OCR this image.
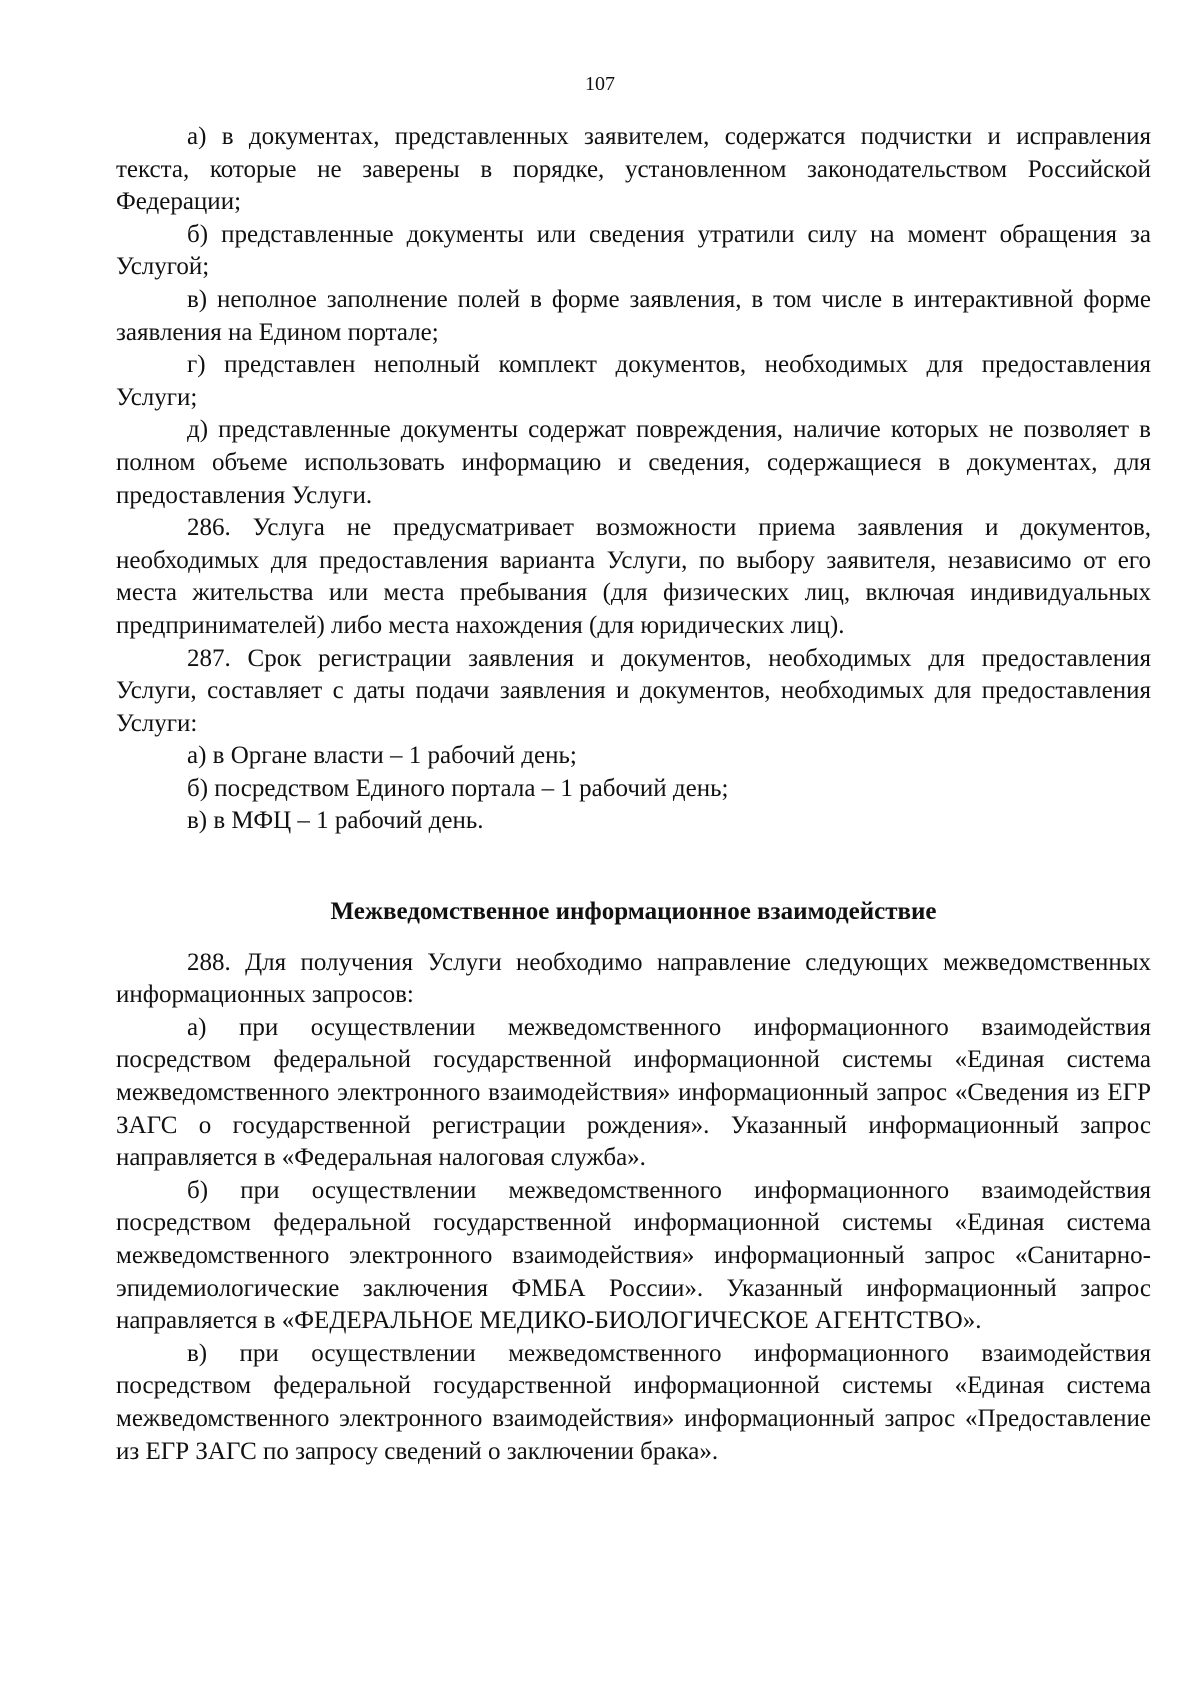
107

а) в документах, представленных заявителем, содержатся подчистки и исправления текста, которые не заверены в порядке, установленном законодательством Российской Федерации;

б) представленные документы или сведения утратили силу на момент обращения за Услугой;

в) неполное заполнение полей в форме заявления, в том числе в интерактивной форме заявления на Едином портале;

г) представлен неполный комплект документов, необходимых для предоставления Услуги;

д) представленные документы содержат повреждения, наличие которых не позволяет в полном объеме использовать информацию и сведения, содержащиеся в документах, для предоставления Услуги.

286. Услуга не предусматривает возможности приема заявления и документов, необходимых для предоставления варианта Услуги, по выбору заявителя, независимо от его места жительства или места пребывания (для физических лиц, включая индивидуальных предпринимателей) либо места нахождения (для юридических лиц).

287. Срок регистрации заявления и документов, необходимых для предоставления Услуги, составляет с даты подачи заявления и документов, необходимых для предоставления Услуги:

а) в Органе власти – 1 рабочий день;

б) посредством Единого портала – 1 рабочий день;

в) в МФЦ – 1 рабочий день.

Межведомственное информационное взаимодействие

288. Для получения Услуги необходимо направление следующих межведомственных информационных запросов:

а) при осуществлении межведомственного информационного взаимодействия посредством федеральной государственной информационной системы «Единая система межведомственного электронного взаимодействия» информационный запрос «Сведения из ЕГР ЗАГС о государственной регистрации рождения». Указанный информационный запрос направляется в «Федеральная налоговая служба».

б) при осуществлении межведомственного информационного взаимодействия посредством федеральной государственной информационной системы «Единая система межведомственного электронного взаимодействия» информационный запрос «Санитарно-эпидемиологические заключения ФМБА России». Указанный информационный запрос направляется в «ФЕДЕРАЛЬНОЕ МЕДИКО-БИОЛОГИЧЕСКОЕ АГЕНТСТВО».

в) при осуществлении межведомственного информационного взаимодействия посредством федеральной государственной информационной системы «Единая система межведомственного электронного взаимодействия» информационный запрос «Предоставление из ЕГР ЗАГС по запросу сведений о заключении брака».
